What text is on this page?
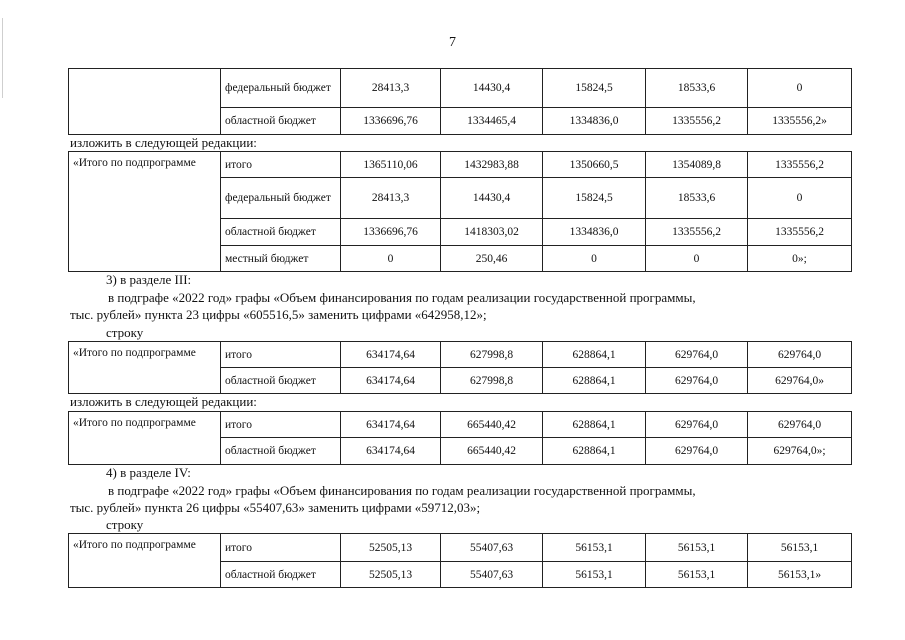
7
	федеральный бюджет	28413,3	14430,4	15824,5	18533,6	0
	областной бюджет	1336696,76	1334465,4	1334836,0	1335556,2	1335556,2»
изложить в следующей редакции:
«Итого по подпрограмме	итого	1365110,06	1432983,88	1350660,5	1354089,8	1335556,2
	федеральный бюджет	28413,3	14430,4	15824,5	18533,6	0
	областной бюджет	1336696,76	1418303,02	1334836,0	1335556,2	1335556,2
	местный бюджет	0	250,46	0	0	0»;
3) в разделе III:
в подграфе «2022 год» графы «Объем финансирования по годам реализации государственной программы,
тыс. рублей» пункта 23 цифры «605516,5» заменить цифрами «642958,12»;
строку
«Итого по подпрограмме	итого	634174,64	627998,8	628864,1	629764,0	629764,0
	областной бюджет	634174,64	627998,8	628864,1	629764,0	629764,0»
изложить в следующей редакции:
«Итого по подпрограмме	итого	634174,64	665440,42	628864,1	629764,0	629764,0
	областной бюджет	634174,64	665440,42	628864,1	629764,0	629764,0»;
4) в разделе IV:
в подграфе «2022 год» графы «Объем финансирования по годам реализации государственной программы,
тыс. рублей» пункта 26 цифры «55407,63» заменить цифрами «59712,03»;
строку
«Итого по подпрограмме	итого	52505,13	55407,63	56153,1	56153,1	56153,1
	областной бюджет	52505,13	55407,63	56153,1	56153,1	56153,1»
